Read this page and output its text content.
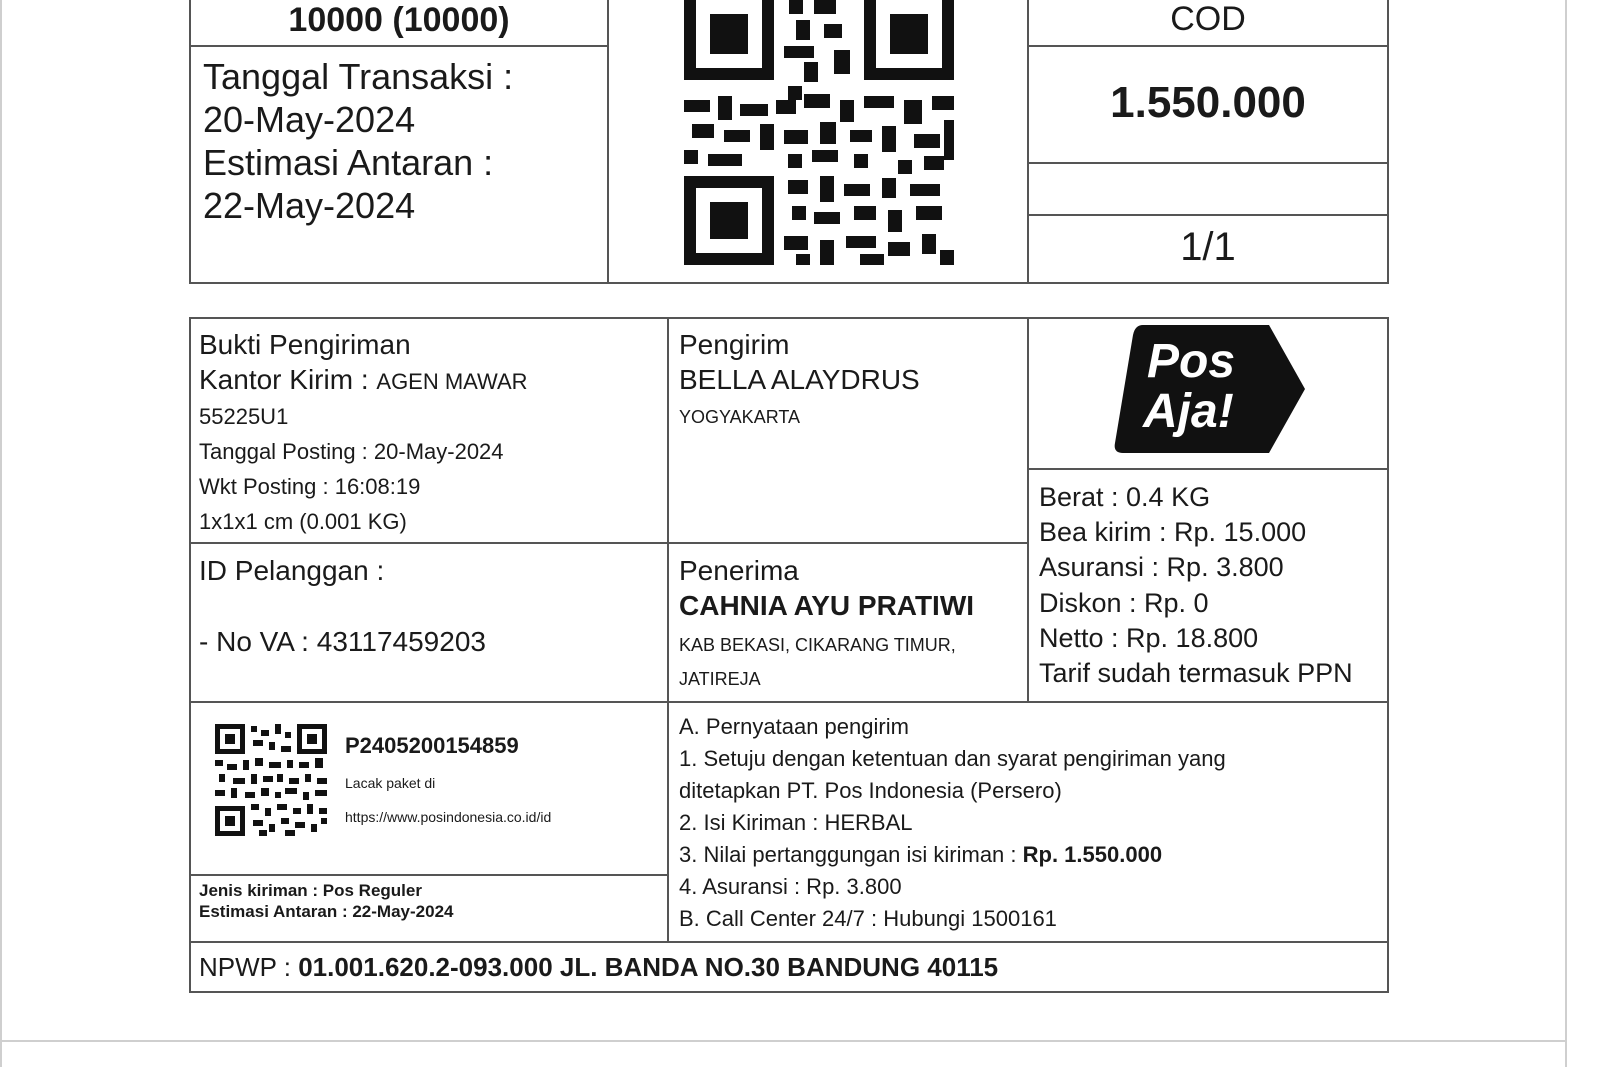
10000 (10000)
Tanggal Transaksi :
20-May-2024
Estimasi Antaran :
22-May-2024
COD
1.550.000
1/1
Bukti Pengiriman
Kantor Kirim : AGEN MAWAR
55225U1
Tanggal Posting : 20-May-2024
Wkt Posting : 16:08:19
1x1x1 cm (0.001 KG)
Pengirim
BELLA ALAYDRUS
YOGYAKARTA
Pos
Aja!
Berat : 0.4 KG
Bea kirim : Rp. 15.000
Asuransi : Rp. 3.800
Diskon : Rp. 0
Netto : Rp. 18.800
Tarif sudah termasuk PPN
ID Pelanggan :
- No VA : 43117459203
Penerima
CAHNIA AYU PRATIWI
KAB BEKASI, CIKARANG TIMUR,
JATIREJA
P2405200154859
Lacak paket di
https://www.posindonesia.co.id/id
Jenis kiriman : Pos Reguler
Estimasi Antaran : 22-May-2024
A. Pernyataan pengirim
1. Setuju dengan ketentuan dan syarat pengiriman yang
ditetapkan PT. Pos Indonesia (Persero)
2. Isi Kiriman : HERBAL
3. Nilai pertanggungan isi kiriman : Rp. 1.550.000
4. Asuransi : Rp. 3.800
B. Call Center 24/7 : Hubungi 1500161
NPWP : 01.001.620.2-093.000 JL. BANDA NO.30 BANDUNG 40115
